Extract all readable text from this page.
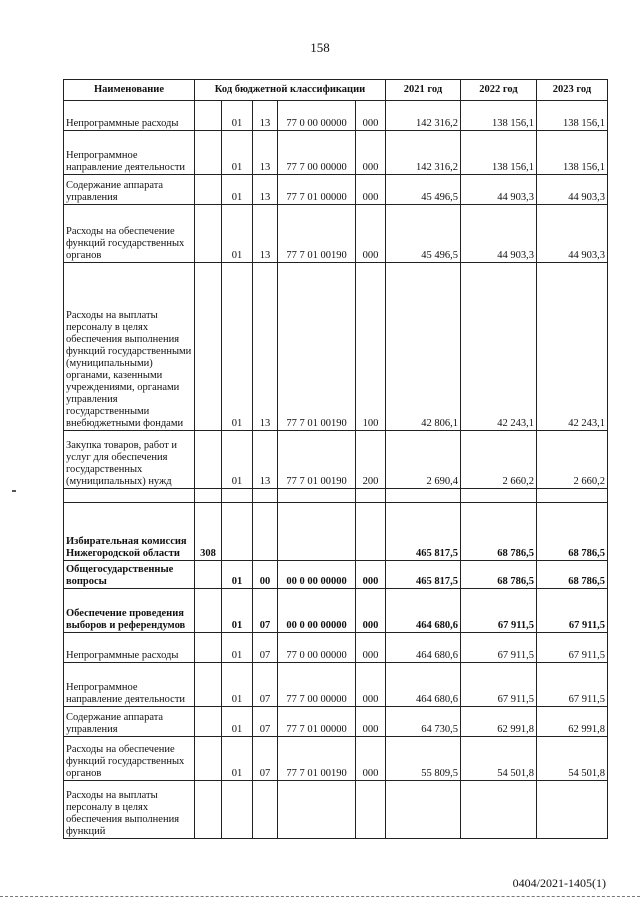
158
Наименование	Код бюджетной классификации					2021 год	2022 год	2023 год
Непрограммные расходы		01	13	77 0 00 00000	000	142 316,2	138 156,1	138 156,1
Непрограммное направление деятельности		01	13	77 7 00 00000	000	142 316,2	138 156,1	138 156,1
Содержание аппарата управления		01	13	77 7 01 00000	000	45 496,5	44 903,3	44 903,3
Расходы на обеспечение функций государственных органов		01	13	77 7 01 00190	000	45 496,5	44 903,3	44 903,3
Расходы на выплаты персоналу в целях обеспечения выполнения функций государственными (муниципальными) органами, казенными учреждениями, органами управления государственными внебюджетными фондами		01	13	77 7 01 00190	100	42 806,1	42 243,1	42 243,1
Закупка товаров, работ и услуг для обеспечения государственных (муниципальных) нужд		01	13	77 7 01 00190	200	2 690,4	2 660,2	2 660,2

Избирательная комиссия Нижегородской области	308					465 817,5	68 786,5	68 786,5
Общегосударственные вопросы		01	00	00 0 00 00000	000	465 817,5	68 786,5	68 786,5
Обеспечение проведения выборов и референдумов		01	07	00 0 00 00000	000	464 680,6	67 911,5	67 911,5
Непрограммные расходы		01	07	77 0 00 00000	000	464 680,6	67 911,5	67 911,5
Непрограммное направление деятельности		01	07	77 7 00 00000	000	464 680,6	67 911,5	67 911,5
Содержание аппарата управления		01	07	77 7 01 00000	000	64 730,5	62 991,8	62 991,8
Расходы на обеспечение функций государственных органов		01	07	77 7 01 00190	000	55 809,5	54 501,8	54 501,8
Расходы на выплаты персоналу в целях обеспечения выполнения функций								
0404/2021-1405(1)
